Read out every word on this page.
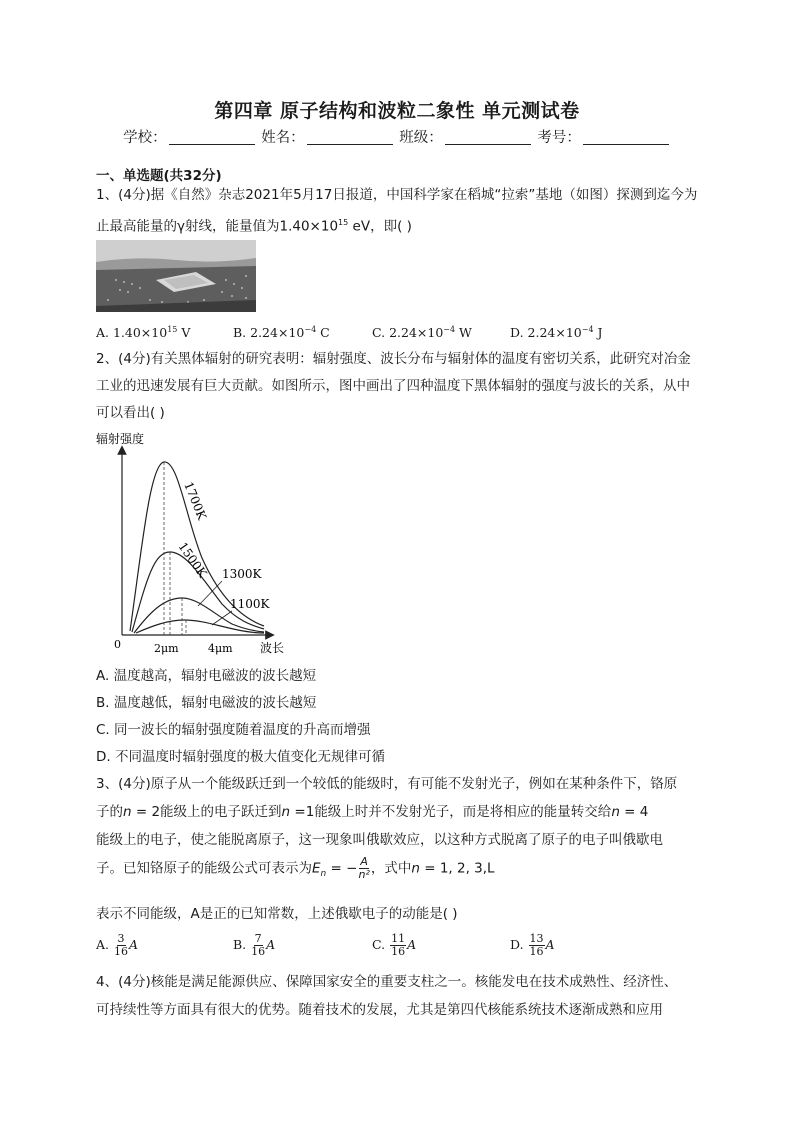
第四章 原子结构和波粒二象性 单元测试卷
学校：	姓名：	班级：	考号：
一、单选题(共32分)
1、(4分)据《自然》杂志2021年5月17日报道，中国科学家在稻城“拉索”基地（如图）探测到迄今为止最高能量的γ射线，能量值为$1.40\times 10^{15}$ eV，即( )
A. $1.40\times 10^{15}$ V	B. $2.24\times 10^{-4}$ C	C. $2.24\times 10^{-4}$ W	D. $2.24\times 10^{-4}$ J
2、(4分)有关黑体辐射的研究表明：辐射强度、波长分布与辐射体的温度有密切关系，此研究对冶金工业的迅速发展有巨大贡献。如图所示，图中画出了四种温度下黑体辐射的强度与波长的关系，从中可以看出( )
辐射强度
0	2μm	4μm 波长
1700K
1500K 1300K
1100K
A. 温度越高，辐射电磁波的波长越短
B. 温度越低，辐射电磁波的波长越短
C. 同一波长的辐射强度随着温度的升高而增强
D. 不同温度时辐射强度的极大值变化无规律可循
3、(4分)原子从一个能级跃迁到一个较低的能级时，有可能不发射光子，例如在某种条件下，铬原
子的n = 2能级上的电子跃迁到n =1能级上时并不发射光子，而是将相应的能量转交给n = 4
能级上的电子，使之能脱离原子，这一现象叫俄歇效应，以这种方式脱离了原子的电子叫俄歇电
子。已知铬原子的能级公式可表示为$E_n$ = − $\frac{A}{\text{n²}}$ ，式中n = 1, 2, 3,L
表示不同能级，A是正的已知常数，上述俄歇电子的动能是( )
A. $\frac{3}{16}$ A	B. $\frac{7}{16}$ A	C. $\frac{11}{16}$ A	D. $\frac{13}{16}$ A
4、(4分)核能是满足能源供应、保障国家安全的重要支柱之一。核能发电在技术成熟性、经济性、
可持续性等方面具有很大的优势。随着技术的发展，尤其是第四代核能系统技术逐渐成熟和应用
